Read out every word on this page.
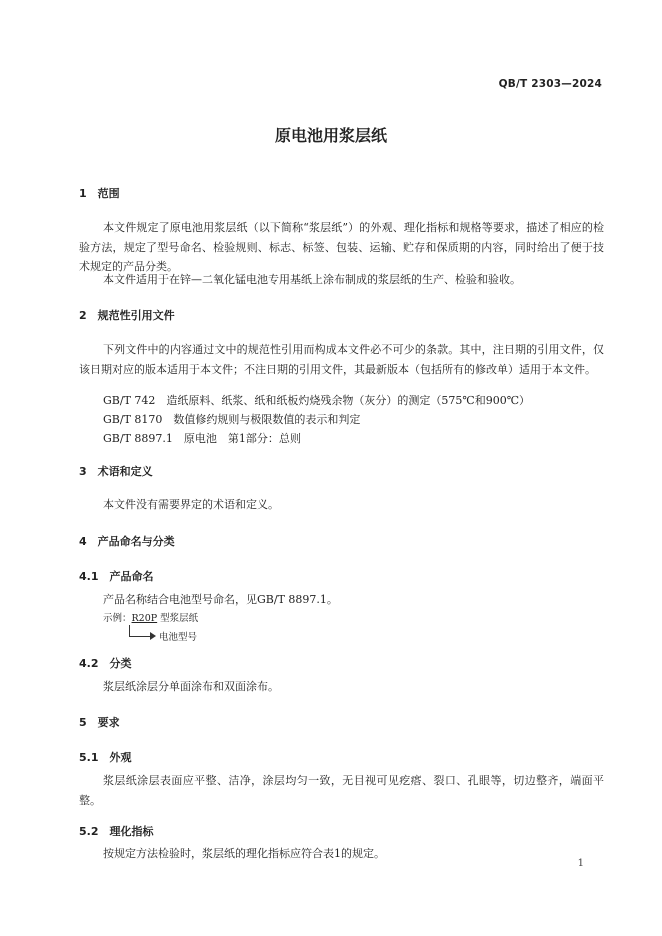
QB/T 2303—2024
原电池用浆层纸
1　范围
本文件规定了原电池用浆层纸（以下简称“浆层纸”）的外观、理化指标和规格等要求，描述了相应的检验方法，规定了型号命名、检验规则、标志、标签、包装、运输、贮存和保质期的内容，同时给出了便于技术规定的产品分类。
本文件适用于在锌—二氧化锰电池专用基纸上涂布制成的浆层纸的生产、检验和验收。
2　规范性引用文件
下列文件中的内容通过文中的规范性引用而构成本文件必不可少的条款。其中，注日期的引用文件，仅该日期对应的版本适用于本文件；不注日期的引用文件，其最新版本（包括所有的修改单）适用于本文件。
GB/T 742　造纸原料、纸浆、纸和纸板灼烧残余物（灰分）的测定（575℃和900℃）
GB/T 8170　数值修约规则与极限数值的表示和判定
GB/T 8897.1　原电池　第1部分：总则
3　术语和定义
本文件没有需要界定的术语和定义。
4　产品命名与分类
4.1　产品命名
产品名称结合电池型号命名，见GB/T 8897.1。
示例：R20P 型浆层纸
电池型号
4.2　分类
浆层纸涂层分单面涂布和双面涂布。
5　要求
5.1　外观
浆层纸涂层表面应平整、洁净，涂层均匀一致，无目视可见疙瘩、裂口、孔眼等，切边整齐，端面平整。
5.2　理化指标
按规定方法检验时，浆层纸的理化指标应符合表1的规定。
1
